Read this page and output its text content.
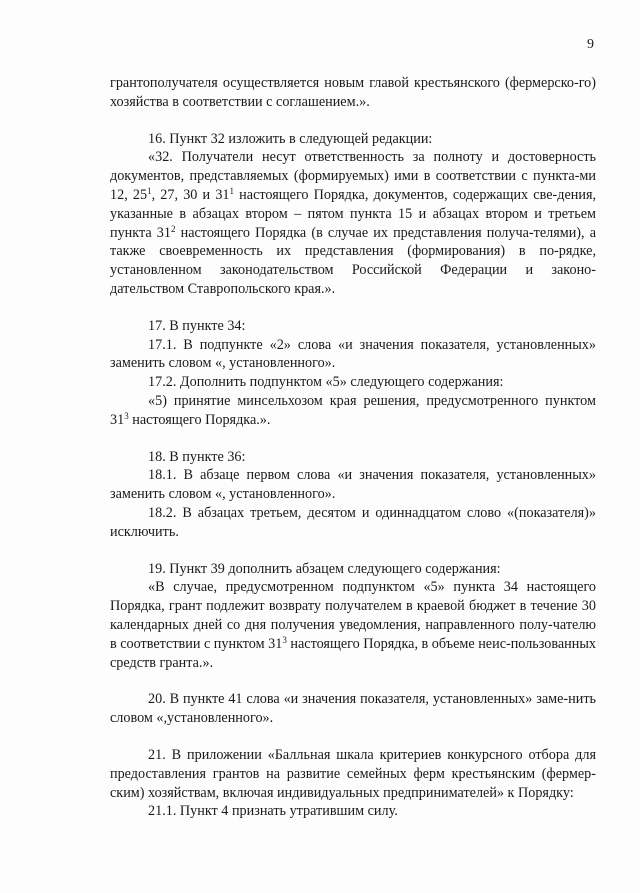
9

грантополучателя осуществляется новым главой крестьянского (фермерско-го) хозяйства в соответствии с соглашением.».

16. Пункт 32 изложить в следующей редакции:

«32. Получатели несут ответственность за полноту и достоверность документов, представляемых (формируемых) ими в соответствии с пункта-ми 12, $25^1$, 27, 30 и $31^1$ настоящего Порядка, документов, содержащих све-дения, указанные в абзацах втором – пятом пункта 15 и абзацах втором и третьем пункта $31^2$ настоящего Порядка (в случае их представления получа-телями), а также своевременность их представления (формирования) в по-рядке, установленном законодательством Российской Федерации и законо-дательством Ставропольского края.».

17. В пункте 34:

17.1. В подпункте «2» слова «и значения показателя, установленных» заменить словом «, установленного».

17.2. Дополнить подпунктом «5» следующего содержания:

«5) принятие минсельхозом края решения, предусмотренного пунктом $31^3$ настоящего Порядка.».

18. В пункте 36:

18.1. В абзаце первом слова «и значения показателя, установленных» заменить словом «, установленного».

18.2. В абзацах третьем, десятом и одиннадцатом слово «(показателя)» исключить.

19. Пункт 39 дополнить абзацем следующего содержания:

«В случае, предусмотренном подпунктом «5» пункта 34 настоящего Порядка, грант подлежит возврату получателем в краевой бюджет в течение 30 календарных дней со дня получения уведомления, направленного полу-чателю в соответствии с пунктом $31^3$ настоящего Порядка, в объеме неис-пользованных средств гранта.».

20. В пункте 41 слова «и значения показателя, установленных» заме-нить словом «,установленного».

21. В приложении «Балльная шкала критериев конкурсного отбора для предоставления грантов на развитие семейных ферм крестьянским (фермер-ским) хозяйствам, включая индивидуальных предпринимателей» к Порядку:

21.1. Пункт 4 признать утратившим силу.
